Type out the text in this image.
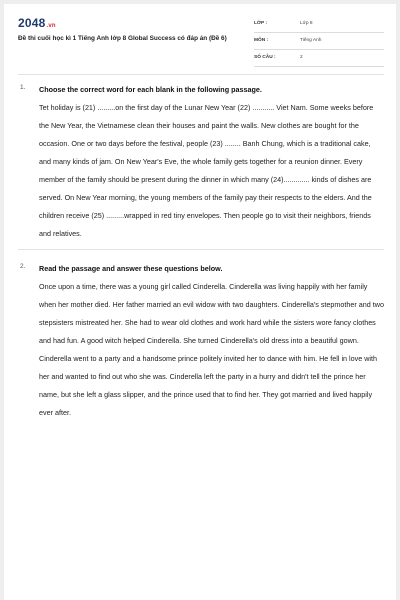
2048.vn
Đề thi cuối học kì 1 Tiếng Anh lớp 8 Global Success có đáp án (Đề 6)
LỚP :	Lớp 8
MÔN :	Tiếng Anh
SỐ CÂU :	2
1. Choose the correct word for each blank in the following passage.

Tet holiday is (21) .........on the first day of the Lunar New Year (22) ........... Viet Nam. Some weeks before the New Year, the Vietnamese clean their houses and paint the walls. New clothes are bought for the occasion. One or two days before the festival, people (23) ........ Banh Chung, which is a traditional cake, and many kinds of jam. On New Year's Eve, the whole family gets together for a reunion dinner. Every member of the family should be present during the dinner in which many (24)............. kinds of dishes are served. On New Year morning, the young members of the family pay their respects to the elders. And the children receive (25) .........wrapped in red tiny envelopes. Then people go to visit their neighbors, friends and relatives.

2. Read the passage and answer these questions below.

Once upon a time, there was a young girl called Cinderella. Cinderella was living happily with her family when her mother died. Her father married an evil widow with two daughters. Cinderella's stepmother and two stepsisters mistreated her. She had to wear old clothes and work hard while the sisters wore fancy clothes and had fun. A good witch helped Cinderella. She turned Cinderella's old dress into a beautiful gown. Cinderella went to a party and a handsome prince politely invited her to dance with him. He fell in love with her and wanted to find out who she was. Cinderella left the party in a hurry and didn't tell the prince her name, but she left a glass slipper, and the prince used that to find her. They got married and lived happily ever after.
